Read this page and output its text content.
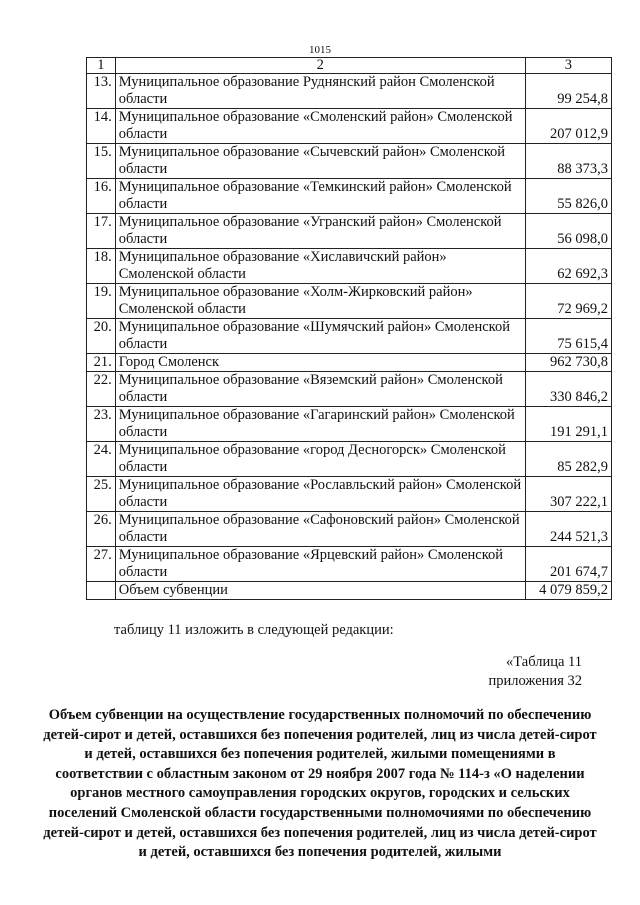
1015
1	2	3
13.	Муниципальное образование Руднянский район Смоленской области	99 254,8
14.	Муниципальное образование «Смоленский район» Смоленской области	207 012,9
15.	Муниципальное образование «Сычевский район» Смоленской области	88 373,3
16.	Муниципальное образование «Темкинский район» Смоленской области	55 826,0
17.	Муниципальное образование «Угранский район» Смоленской области	56 098,0
18.	Муниципальное образование «Хиславичский район» Смоленской области	62 692,3
19.	Муниципальное образование «Холм-Жирковский район» Смоленской области	72 969,2
20.	Муниципальное образование «Шумячский район» Смоленской области	75 615,4
21.	Город Смоленск	962 730,8
22.	Муниципальное образование «Вяземский район» Смоленской области	330 846,2
23.	Муниципальное образование «Гагаринский район» Смоленской области	191 291,1
24.	Муниципальное образование «город Десногорск» Смоленской области	85 282,9
25.	Муниципальное образование «Рославльский район» Смоленской области	307 222,1
26.	Муниципальное образование «Сафоновский район» Смоленской области	244 521,3
27.	Муниципальное образование «Ярцевский район» Смоленской области	201 674,7
	Объем субвенции	4 079 859,2
таблицу 11 изложить в следующей редакции:
«Таблица 11
приложения 32
Объем субвенции на осуществление государственных полномочий по обеспечению детей-сирот и детей, оставшихся без попечения родителей, лиц из числа детей-сирот и детей, оставшихся без попечения родителей, жилыми помещениями в соответствии с областным законом от 29 ноября 2007 года № 114-з «О наделении органов местного самоуправления городских округов, городских и сельских поселений Смоленской области государственными полномочиями по обеспечению детей-сирот и детей, оставшихся без попечения родителей, лиц из числа детей-сирот и детей, оставшихся без попечения родителей, жилыми
